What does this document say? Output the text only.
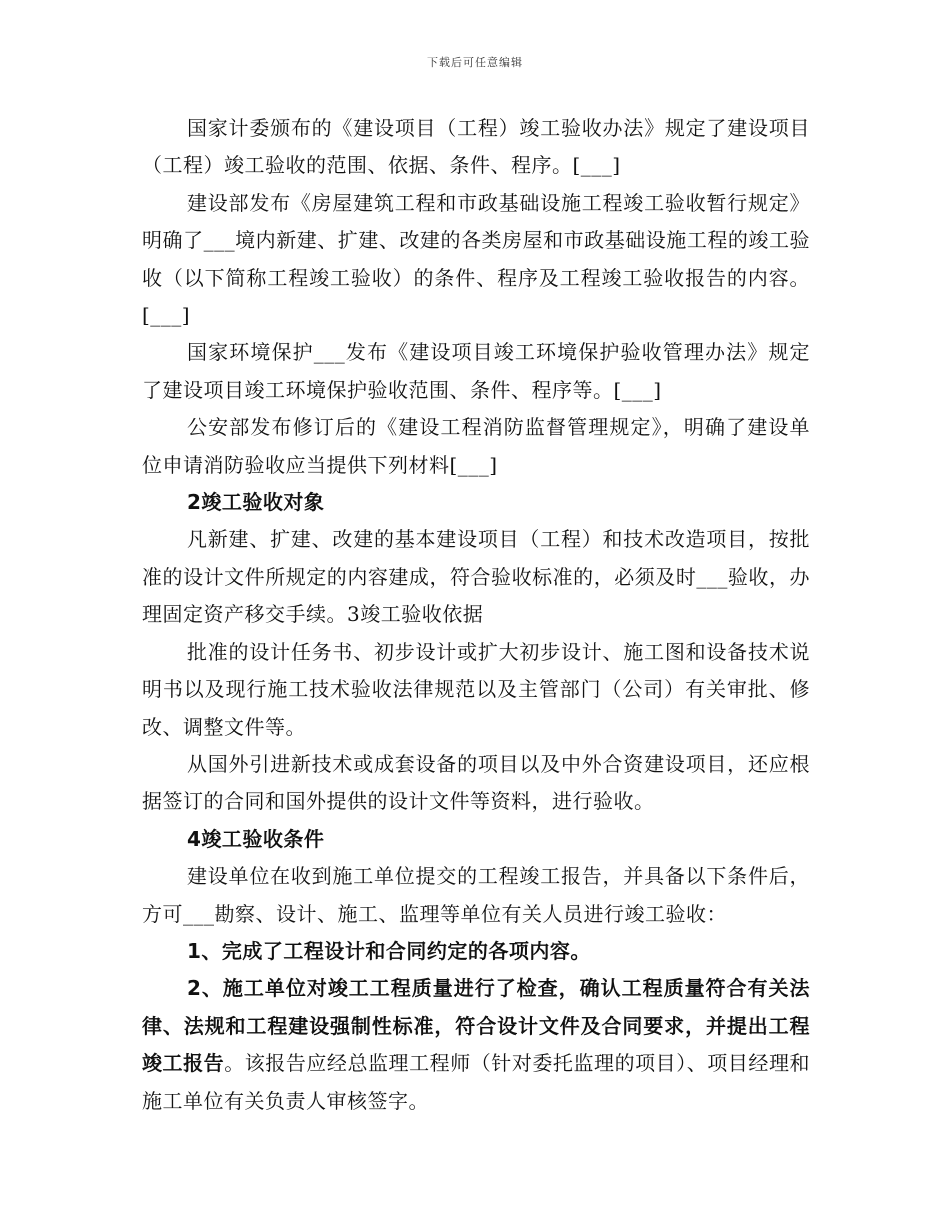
下载后可任意编辑

国家计委颁布的《建设项目（工程）竣工验收办法》规定了建设项目（工程）竣工验收的范围、依据、条件、程序。[___]

建设部发布《房屋建筑工程和市政基础设施工程竣工验收暂行规定》明确了___境内新建、扩建、改建的各类房屋和市政基础设施工程的竣工验收（以下简称工程竣工验收）的条件、程序及工程竣工验收报告的内容。[___]

国家环境保护___发布《建设项目竣工环境保护验收管理办法》规定了建设项目竣工环境保护验收范围、条件、程序等。[___]

公安部发布修订后的《建设工程消防监督管理规定》，明确了建设单位申请消防验收应当提供下列材料[___]

2竣工验收对象

凡新建、扩建、改建的基本建设项目（工程）和技术改造项目，按批准的设计文件所规定的内容建成，符合验收标准的，必须及时___验收，办理固定资产移交手续。3竣工验收依据

批准的设计任务书、初步设计或扩大初步设计、施工图和设备技术说明书以及现行施工技术验收法律规范以及主管部门（公司）有关审批、修改、调整文件等。

从国外引进新技术或成套设备的项目以及中外合资建设项目，还应根据签订的合同和国外提供的设计文件等资料，进行验收。

4竣工验收条件

建设单位在收到施工单位提交的工程竣工报告，并具备以下条件后，方可___勘察、设计、施工、监理等单位有关人员进行竣工验收：

1、完成了工程设计和合同约定的各项内容。

2、施工单位对竣工工程质量进行了检查，确认工程质量符合有关法律、法规和工程建设强制性标准，符合设计文件及合同要求，并提出工程竣工报告。该报告应经总监理工程师（针对委托监理的项目）、项目经理和施工单位有关负责人审核签字。
